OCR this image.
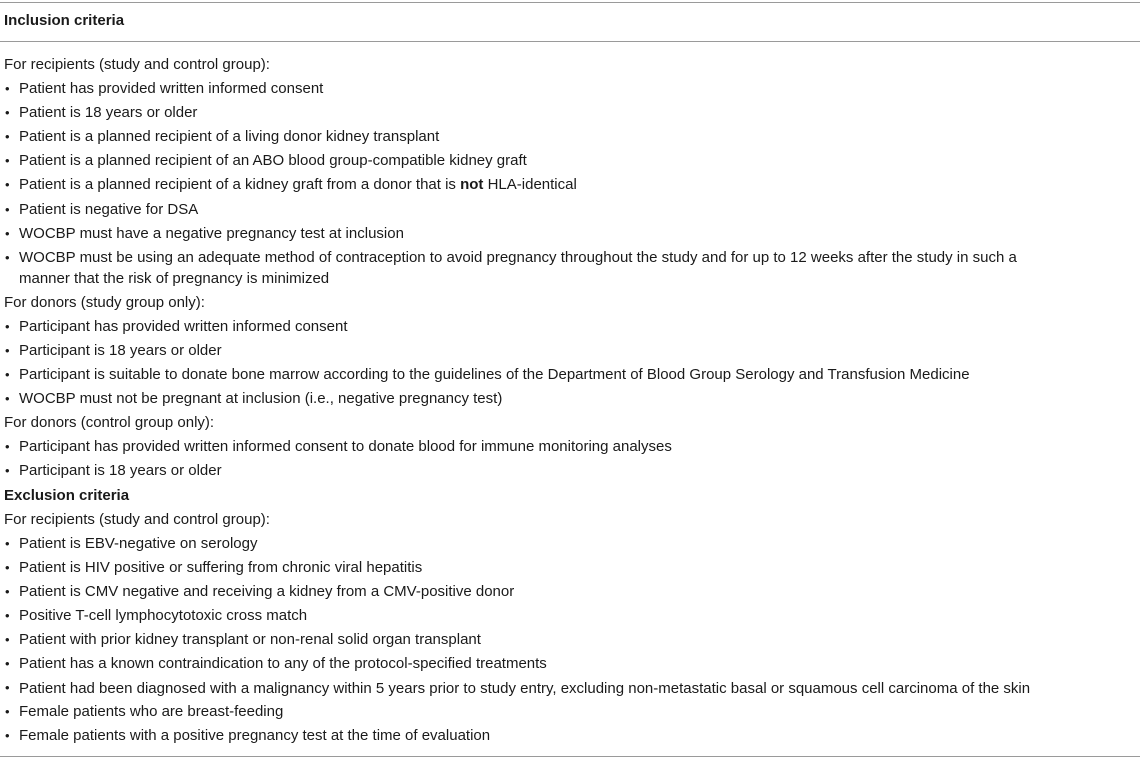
Inclusion criteria
For recipients (study and control group):
• Patient has provided written informed consent
• Patient is 18 years or older
• Patient is a planned recipient of a living donor kidney transplant
• Patient is a planned recipient of an ABO blood group-compatible kidney graft
• Patient is a planned recipient of a kidney graft from a donor that is not HLA-identical
• Patient is negative for DSA
• WOCBP must have a negative pregnancy test at inclusion
• WOCBP must be using an adequate method of contraception to avoid pregnancy throughout the study and for up to 12 weeks after the study in such a manner that the risk of pregnancy is minimized
For donors (study group only):
• Participant has provided written informed consent
• Participant is 18 years or older
• Participant is suitable to donate bone marrow according to the guidelines of the Department of Blood Group Serology and Transfusion Medicine
• WOCBP must not be pregnant at inclusion (i.e., negative pregnancy test)
For donors (control group only):
• Participant has provided written informed consent to donate blood for immune monitoring analyses
• Participant is 18 years or older
Exclusion criteria
For recipients (study and control group):
• Patient is EBV-negative on serology
• Patient is HIV positive or suffering from chronic viral hepatitis
• Patient is CMV negative and receiving a kidney from a CMV-positive donor
• Positive T-cell lymphocytotoxic cross match
• Patient with prior kidney transplant or non-renal solid organ transplant
• Patient has a known contraindication to any of the protocol-specified treatments
• Patient had been diagnosed with a malignancy within 5 years prior to study entry, excluding non-metastatic basal or squamous cell carcinoma of the skin
• Female patients who are breast-feeding
• Female patients with a positive pregnancy test at the time of evaluation
